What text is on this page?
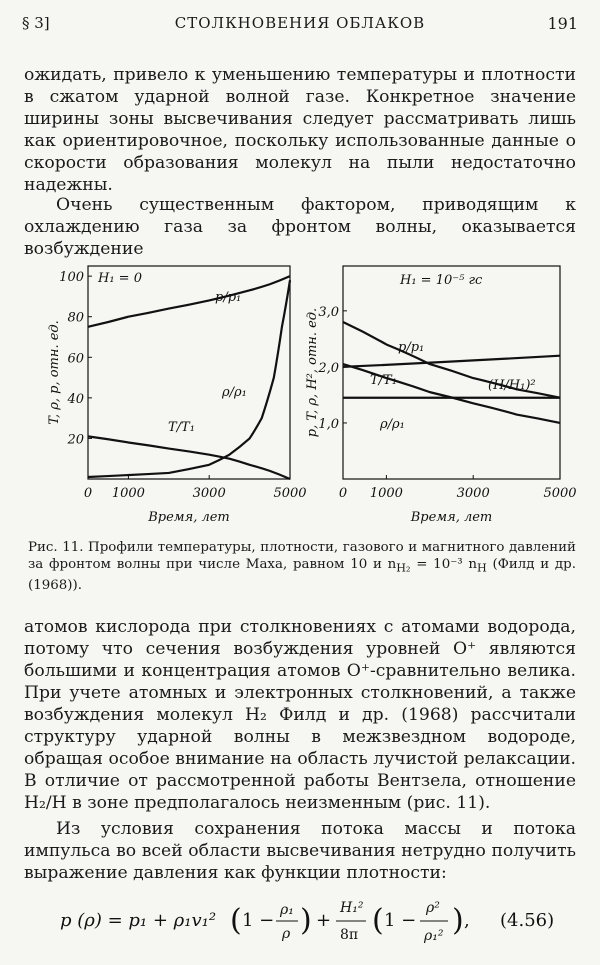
§ 3]	СТОЛКНОВЕНИЯ ОБЛАКОВ	191

ожидать, привело к уменьшению температуры и плотности в сжатом ударной волной газе. Конкретное значение ширины зоны высвечивания следует рассматривать лишь как ориентировочное, поскольку использованные данные о скорости образования молекул на пыли недостаточно надежны.

Очень существенным фактором, приводящим к охлаждению газа за фронтом волны, оказывается возбуждение

0 1000	3000	5000
20
40
60
80
100
Время, лет
T, ρ, p, отн. ед.
H₁ = 0
p/p₁
ρ/ρ₁
T/T₁
0 1000	3000	5000
1,0
2,0
3,0
Время, лет
p, T, ρ, H², отн. ед.
H₁ = 10⁻⁵ гс
p/p₁
(H/H₁)²
T/T₁
ρ/ρ₁

Рис. 11. Профили температуры, плотности, газового и магнитного давлений за фронтом волны при числе Маха, равном 10 и $n_{H_2} = 10^{-3}$ $n_H$ (Филд и др. (1968)).

атомов кислорода при столкновениях с атомами водорода, потому что сечения возбуждения уровней O⁺ являются большими и концентрация атомов O⁺-сравнительно велика. При учете атомных и электронных столкновений, а также возбуждения молекул H₂ Филд и др. (1968) рассчитали структуру ударной волны в межзвездном водороде, обращая особое внимание на область лучистой релаксации. В отличие от рассмотренной работы Вентзела, отношение H₂/H в зоне предполагалось неизменным (рис. 11).

Из условия сохранения потока массы и потока импульса во всей области высвечивания нетрудно получить выражение давления как функции плотности:

p (ρ) = p₁ + ρ₁v₁² ( 1 − ρ₁
ρ ) +
H₁²
8π ( 1 −
ρ²
ρ₁² ) , (4.56)
